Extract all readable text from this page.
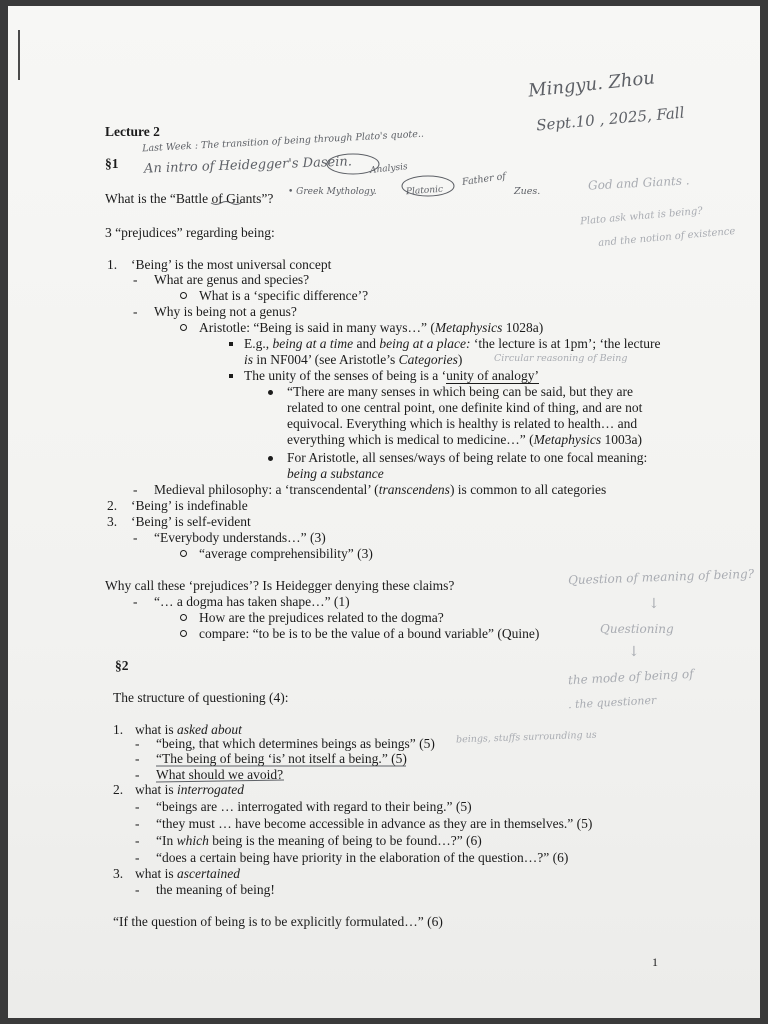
Mingyu. Zhou
Sept.10 , 2025, Fall
Last Week : The transition of being through Plato's quote..
An intro of Heidegger's Dasein. Analysis
• Greek Mythology.	Platonic
Father of
Zues.	God and Giants .
Plato ask what is being?
and the notion of existence
Circular reasoning of Being
Question of meaning of being?
↓
Questioning
↓
the mode of being of
. the questioner
beings, stuffs surrounding us
Lecture 2
§1
What is the “Battle of Giants”?
3 “prejudices” regarding being:
1. ‘Being’ is the most universal concept
- What are genus and species?
What is a ‘specific difference’?
- Why is being not a genus?
Aristotle: “Being is said in many ways…” (Metaphysics 1028a)
E.g., being at a time and being at a place: ‘the lecture is at 1pm’; ‘the lecture
is in NF004’ (see Aristotle’s Categories)
The unity of the senses of being is a ‘unity of analogy’
“There are many senses in which being can be said, but they are
related to one central point, one definite kind of thing, and are not
equivocal. Everything which is healthy is related to health… and
everything which is medical to medicine…” (Metaphysics 1003a)
For Aristotle, all senses/ways of being relate to one focal meaning:
being a substance
- Medieval philosophy: a ‘transcendental’ (transcendens) is common to all categories
2. ‘Being’ is indefinable
3. ‘Being’ is self-evident
- “Everybody understands…” (3)
“average comprehensibility” (3)
Why call these ‘prejudices’? Is Heidegger denying these claims?
- “… a dogma has taken shape…” (1)
How are the prejudices related to the dogma?
compare: “to be is to be the value of a bound variable” (Quine)
§2
The structure of questioning (4):
1. what is asked about
- “being, that which determines beings as beings” (5)
- “The being of being ‘is’ not itself a being.” (5)
- What should we avoid?
2. what is interrogated
- “beings are … interrogated with regard to their being.” (5)
- “they must … have become accessible in advance as they are in themselves.” (5)
- “In which being is the meaning of being to be found…?” (6)
- “does a certain being have priority in the elaboration of the question…?” (6)
3. what is ascertained
- the meaning of being!
“If the question of being is to be explicitly formulated…” (6)
1
